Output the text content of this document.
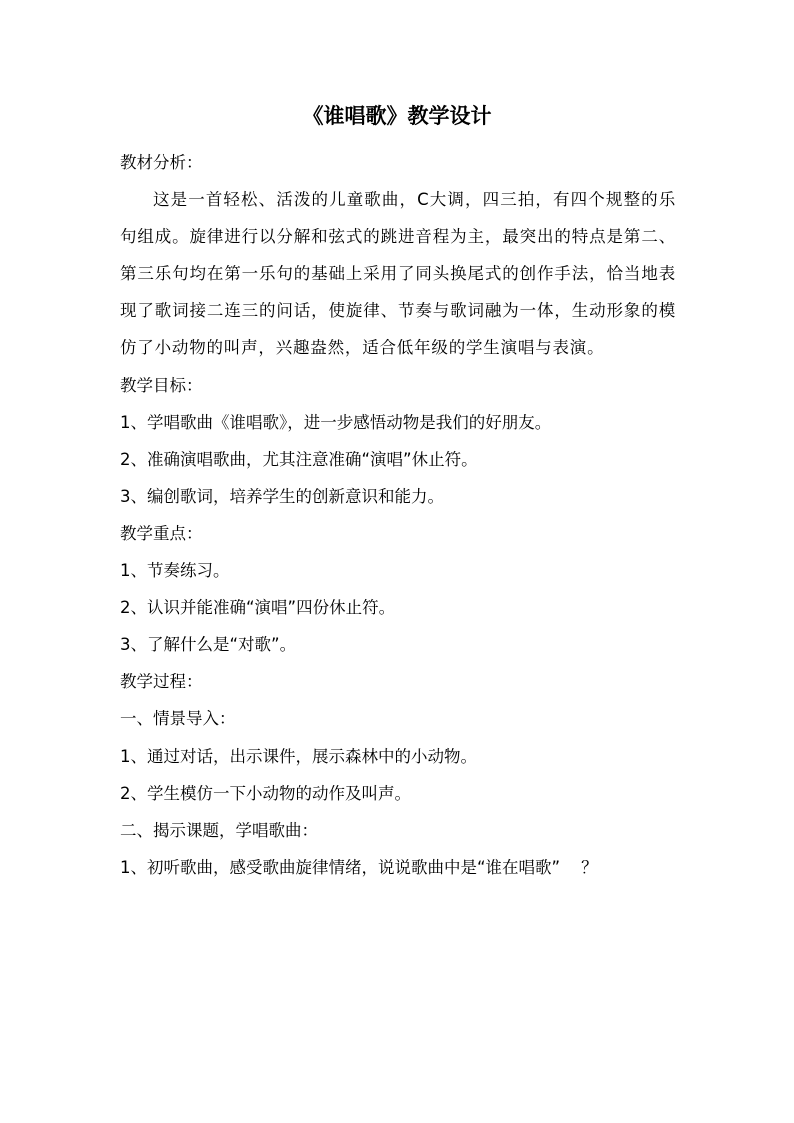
《谁唱歌》教学设计

教材分析：

这是一首轻松、活泼的儿童歌曲，C大调，四三拍，有四个规整的乐句组成。旋律进行以分解和弦式的跳进音程为主，最突出的特点是第二、第三乐句均在第一乐句的基础上采用了同头换尾式的创作手法，恰当地表现了歌词接二连三的问话，使旋律、节奏与歌词融为一体，生动形象的模仿了小动物的叫声，兴趣盎然，适合低年级的学生演唱与表演。

教学目标：

1、学唱歌曲《谁唱歌》，进一步感悟动物是我们的好朋友。

2、准确演唱歌曲，尤其注意准确“演唱”休止符。

3、编创歌词，培养学生的创新意识和能力。

教学重点：

1、节奏练习。

2、认识并能准确“演唱”四份休止符。

3、了解什么是“对歌”。

教学过程：

一、情景导入：

1、通过对话，出示课件，展示森林中的小动物。

2、学生模仿一下小动物的动作及叫声。

二、揭示课题，学唱歌曲：

1、初听歌曲，感受歌曲旋律情绪，说说歌曲中是“谁在唱歌”    ？
